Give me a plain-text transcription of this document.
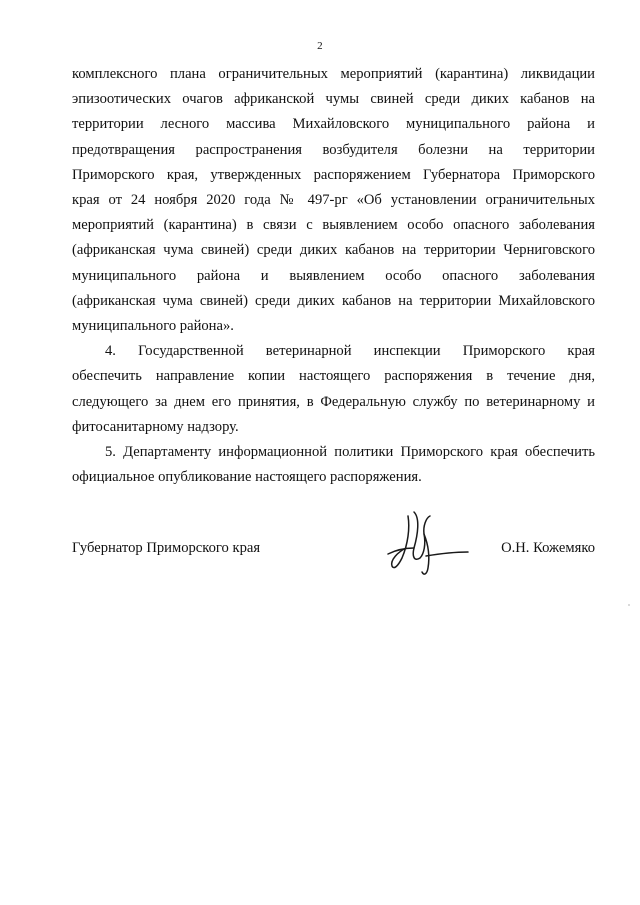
2
комплексного плана ограничительных мероприятий (карантина) ликвидации
эпизоотических очагов африканской чумы свиней среди диких кабанов на
территории лесного массива Михайловского муниципального района и
предотвращения распространения возбудителя болезни на территории
Приморского края, утвержденных распоряжением Губернатора Приморского
края от 24 ноября 2020 года № 497-рг «Об установлении ограничительных
мероприятий (карантина) в связи с выявлением особо опасного заболевания
(африканская чума свиней) среди диких кабанов на территории Черниговского
муниципального района и выявлением особо опасного заболевания
(африканская чума свиней) среди диких кабанов на территории Михайловского
муниципального района».
4. Государственной ветеринарной инспекции Приморского края
обеспечить направление копии настоящего распоряжения в течение дня,
следующего за днем его принятия, в Федеральную службу по ветеринарному и
фитосанитарному надзору.
5. Департаменту информационной политики Приморского края обеспечить
официальное опубликование настоящего распоряжения.
Губернатор Приморского края	О.Н. Кожемяко
